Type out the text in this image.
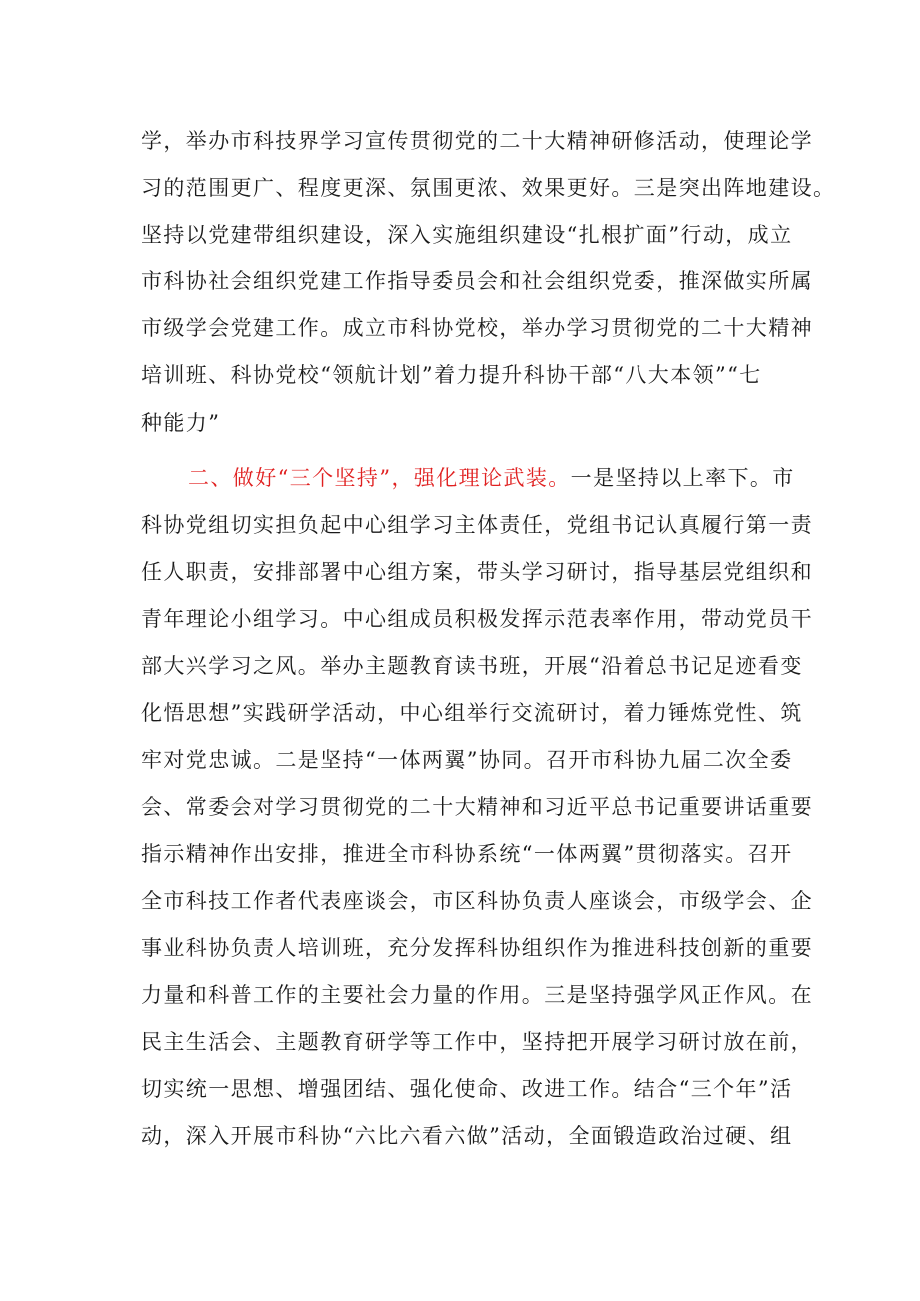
学，举办市科技界学习宣传贯彻党的二十大精神研修活动，使理论学
习的范围更广、程度更深、氛围更浓、效果更好。三是突出阵地建设。
坚持以党建带组织建设，深入实施组织建设“扎根扩面”行动，成立
市科协社会组织党建工作指导委员会和社会组织党委，推深做实所属
市级学会党建工作。成立市科协党校，举办学习贯彻党的二十大精神
培训班、科协党校“领航计划”着力提升科协干部“八大本领”“七
种能力”
二、做好“三个坚持”，强化理论武装。一是坚持以上率下。市
科协党组切实担负起中心组学习主体责任，党组书记认真履行第一责
任人职责，安排部署中心组方案，带头学习研讨，指导基层党组织和
青年理论小组学习。中心组成员积极发挥示范表率作用，带动党员干
部大兴学习之风。举办主题教育读书班，开展“沿着总书记足迹看变
化悟思想”实践研学活动，中心组举行交流研讨，着力锤炼党性、筑
牢对党忠诚。二是坚持“一体两翼”协同。召开市科协九届二次全委
会、常委会对学习贯彻党的二十大精神和习近平总书记重要讲话重要
指示精神作出安排，推进全市科协系统“一体两翼”贯彻落实。召开
全市科技工作者代表座谈会，市区科协负责人座谈会，市级学会、企
事业科协负责人培训班，充分发挥科协组织作为推进科技创新的重要
力量和科普工作的主要社会力量的作用。三是坚持强学风正作风。在
民主生活会、主题教育研学等工作中，坚持把开展学习研讨放在前，
切实统一思想、增强团结、强化使命、改进工作。结合“三个年”活
动，深入开展市科协“六比六看六做”活动，全面锻造政治过硬、组
